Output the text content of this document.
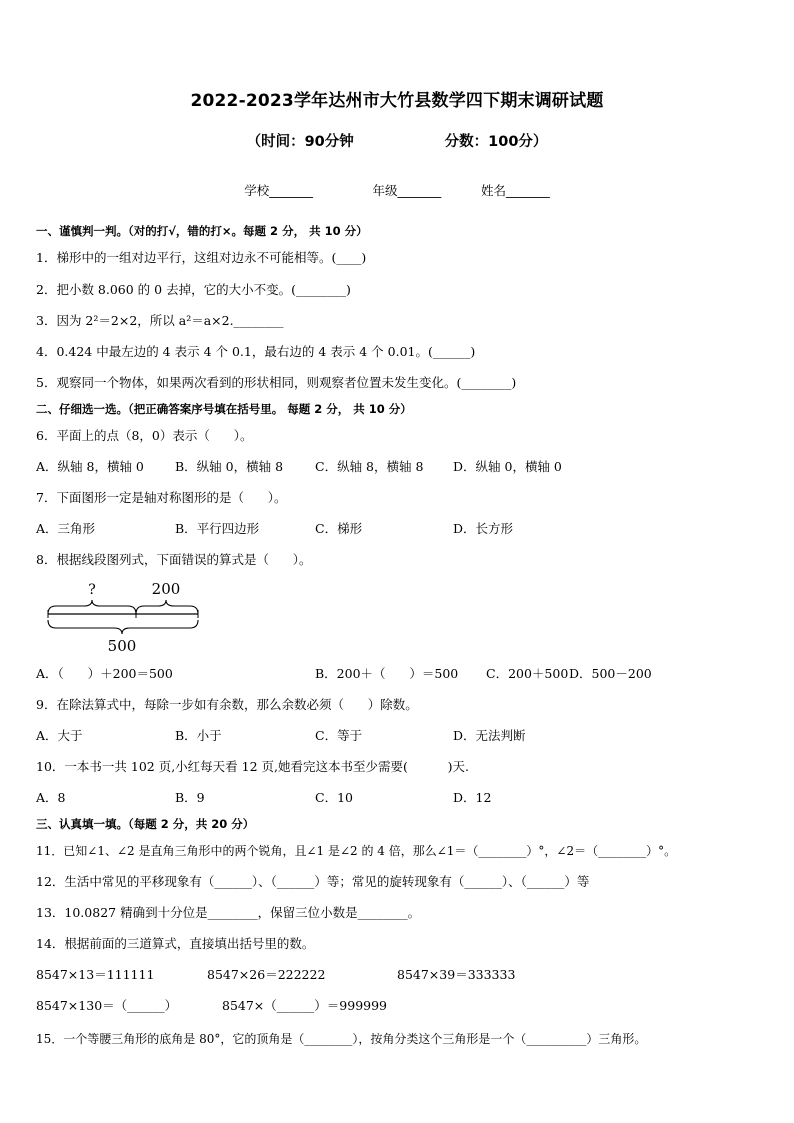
2022-2023学年达州市大竹县数学四下期末调研试题
（时间：90分钟                  分数：100分）
学校_______               年级_______          姓名_______
一、谨慎判一判。（对的打√，错的打×。每题 2 分， 共 10 分）
1．梯形中的一组对边平行，这组对边永不可能相等。(____)
2．把小数 8.060 的 0 去掉，它的大小不变。(________)
3．因为 2²＝2×2，所以 a²＝a×2.________
4．0.424 中最左边的 4 表示 4 个 0.1，最右边的 4 表示 4 个 0.01。(______)
5．观察同一个物体，如果两次看到的形状相同，则观察者位置未发生变化。(________)
二、仔细选一选。（把正确答案序号填在括号里。 每题 2 分， 共 10 分）
6．平面上的点（8，0）表示（      ）。
A．纵轴 8，横轴 0 B．纵轴 0，横轴 8	C．纵轴 8，横轴 8 D．纵轴 0，横轴 0
7．下面图形一定是轴对称图形的是（      ）。
A．三角形	B．平行四边形	C．梯形	D．长方形
8．根据线段图列式，下面错误的算式是（      ）。
?	200
500
A．（      ）＋200＝500	B．200＋（      ）＝500 C．200＋500 D．500－200
9．在除法算式中，每除一步如有余数，那么余数必须（      ）除数。
A．大于	B．小于	C．等于	D．无法判断
10．一本书一共 102 页,小红每天看 12 页,她看完这本书至少需要(          )天.
A．8	B．9	C．10	D．12
三、认真填一填。（每题 2 分，共 20 分）
11．已知∠1、∠2 是直角三角形中的两个锐角，且∠1 是∠2 的 4 倍，那么∠1＝（________）°，∠2＝（________）°。
12．生活中常见的平移现象有（______）、（______）等；常见的旋转现象有（______）、（______）等
13．10.0827 精确到十分位是________，保留三位小数是________。
14．根据前面的三道算式，直接填出括号里的数。
8547×13＝111111	8547×26＝222222	8547×39＝333333
8547×130＝（______）	8547×（______）＝999999
15．一个等腰三角形的底角是 80°，它的顶角是（________），按角分类这个三角形是一个（__________）三角形。
